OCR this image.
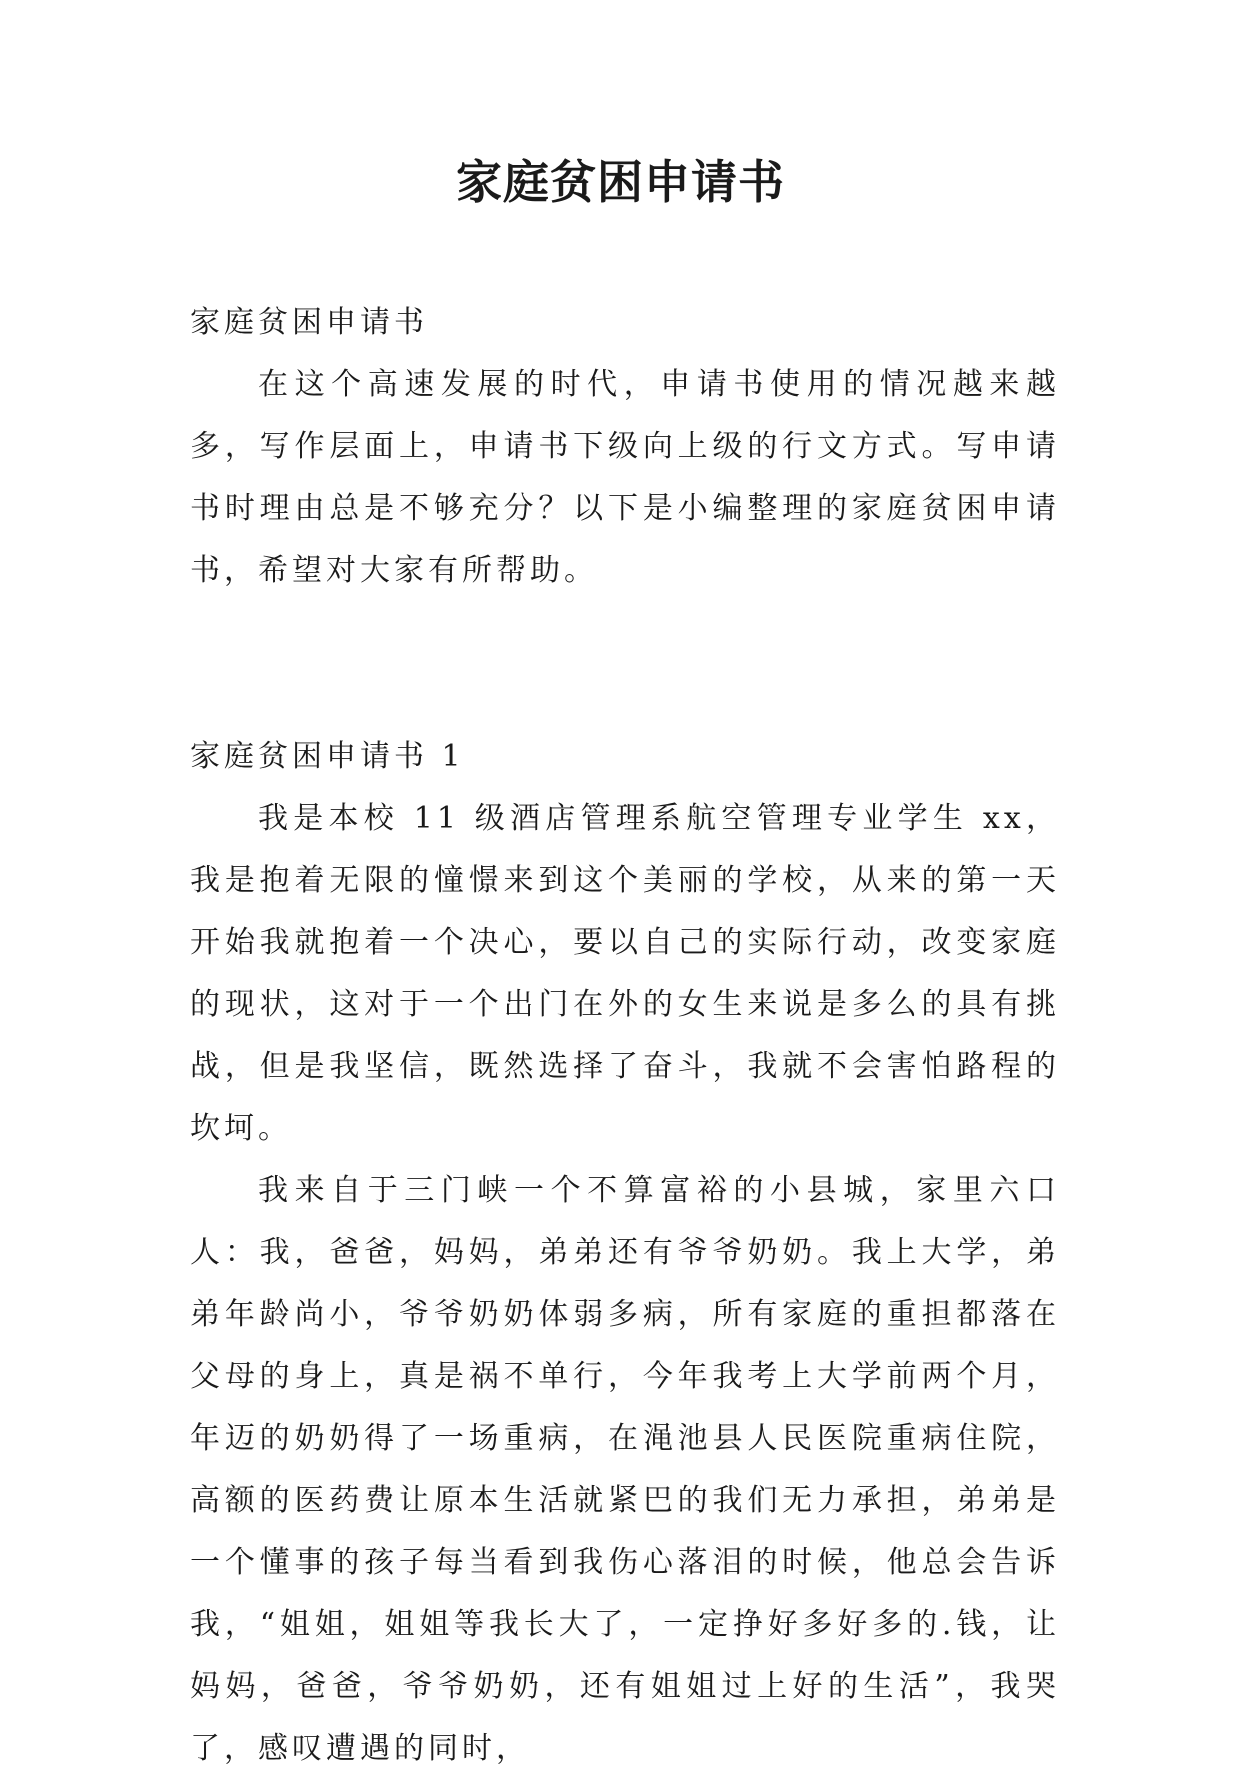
家庭贫困申请书

家庭贫困申请书

在这个高速发展的时代，申请书使用的情况越来越多，写作层面上，申请书下级向上级的行文方式。写申请书时理由总是不够充分？以下是小编整理的家庭贫困申请书，希望对大家有所帮助。

家庭贫困申请书 1

我是本校 11 级酒店管理系航空管理专业学生 xx，我是抱着无限的憧憬来到这个美丽的学校，从来的第一天开始我就抱着一个决心，要以自己的实际行动，改变家庭的现状，这对于一个出门在外的女生来说是多么的具有挑战，但是我坚信，既然选择了奋斗，我就不会害怕路程的坎坷。

我来自于三门峡一个不算富裕的小县城，家里六口人：我，爸爸，妈妈，弟弟还有爷爷奶奶。我上大学，弟弟年龄尚小，爷爷奶奶体弱多病，所有家庭的重担都落在父母的身上，真是祸不单行，今年我考上大学前两个月，年迈的奶奶得了一场重病，在渑池县人民医院重病住院，高额的医药费让原本生活就紧巴的我们无力承担，弟弟是一个懂事的孩子每当看到我伤心落泪的时候，他总会告诉我，“姐姐，姐姐等我长大了，一定挣好多好多的.钱，让妈妈，爸爸，爷爷奶奶，还有姐姐过上好的生活”，我哭了，感叹遭遇的同时，
